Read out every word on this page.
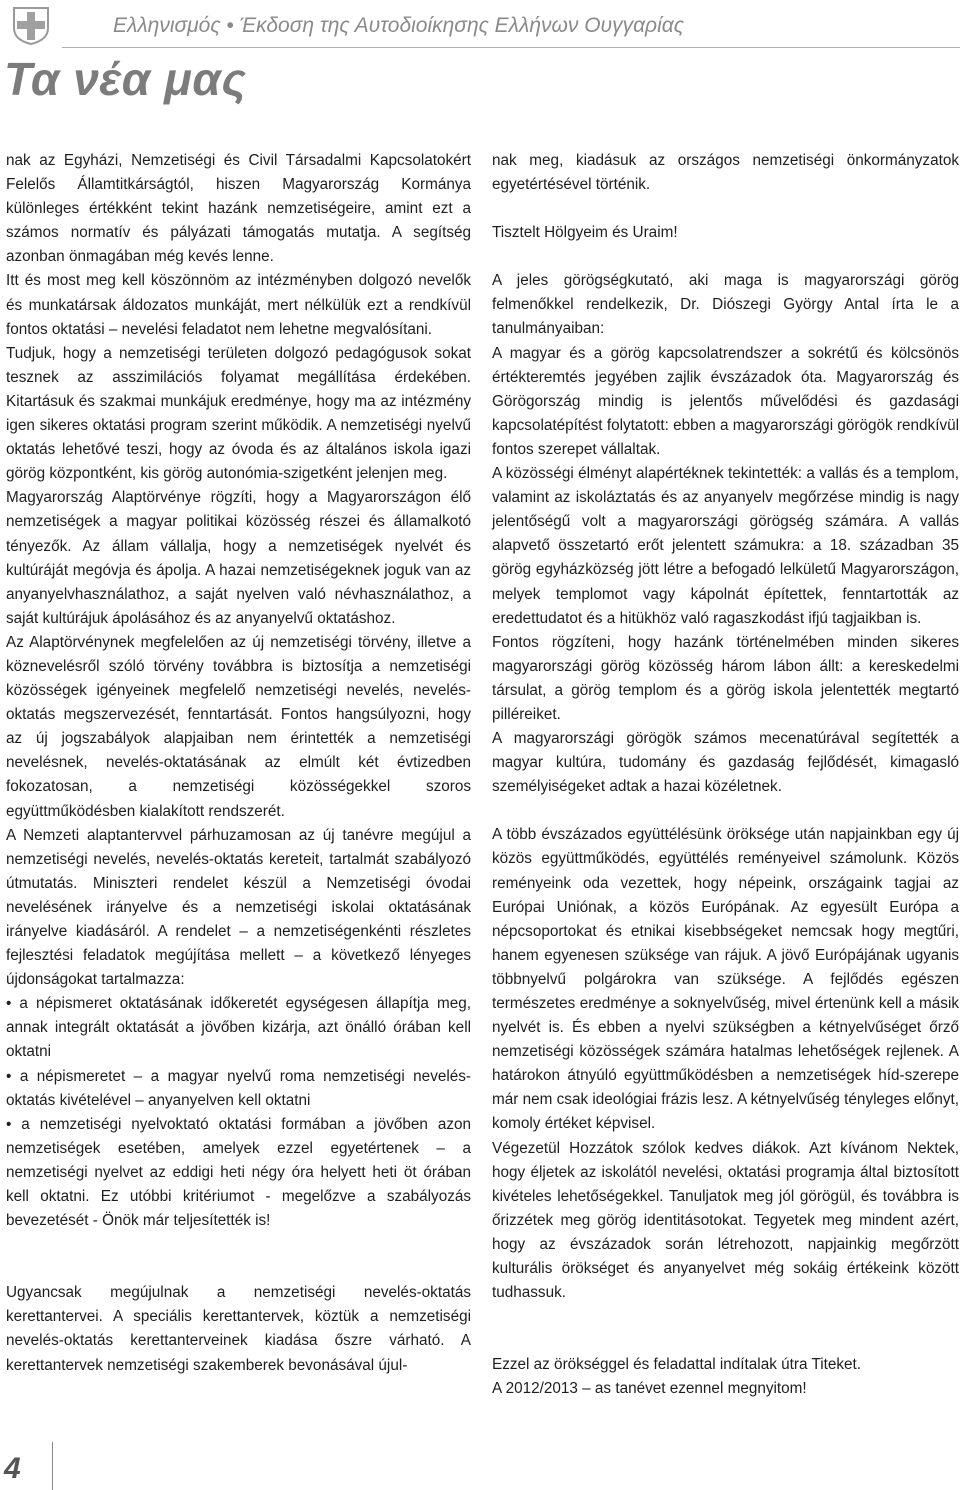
Ελληνισμός • Έκδοση της Αυτοδιοίκησης Ελλήνων Ουγγαρίας
Τα νέα μας

nak az Egyházi, Nemzetiségi és Civil Társadalmi Kapcsolatokért Felelős Államtitkárságtól, hiszen Magyarország Kormánya különleges értékként tekint hazánk nemzetiségeire, amint ezt a számos normatív és pályázati támogatás mutatja. A segítség azonban önmagában még kevés lenne.

Itt és most meg kell köszönnöm az intézményben dolgozó nevelők és munkatársak áldozatos munkáját, mert nélkülük ezt a rendkívül fontos oktatási – nevelési feladatot nem lehetne megvalósítani.

Tudjuk, hogy a nemzetiségi területen dolgozó pedagógusok sokat tesznek az asszimilációs folyamat megállítása érdekében. Kitartásuk és szakmai munkájuk eredménye, hogy ma az intézmény igen sikeres oktatási program szerint működik. A nemzetiségi nyelvű oktatás lehetővé teszi, hogy az óvoda és az általános iskola igazi görög központként, kis görög autonómia-szigetként jelenjen meg.

Magyarország Alaptörvénye rögzíti, hogy a Magyarországon élő nemzetiségek a magyar politikai közösség részei és államalkotó tényezők. Az állam vállalja, hogy a nemzetiségek nyelvét és kultúráját megóvja és ápolja. A hazai nemzetiségeknek joguk van az anyanyelvhasználathoz, a saját nyelven való névhasználathoz, a saját kultúrájuk ápolásához és az anyanyelvű oktatáshoz.

Az Alaptörvénynek megfelelően az új nemzetiségi törvény, illetve a köznevelésről szóló törvény továbbra is biztosítja a nemzetiségi közösségek igényeinek megfelelő nemzetiségi nevelés, nevelés-oktatás megszervezését, fenntartását. Fontos hangsúlyozni, hogy az új jogszabályok alapjaiban nem érintették a nemzetiségi nevelésnek, nevelés-oktatásának az elmúlt két évtizedben fokozatosan, a nemzetiségi közösségekkel szoros együttműködésben kialakított rendszerét.

A Nemzeti alaptantervvel párhuzamosan az új tanévre megújul a nemzetiségi nevelés, nevelés-oktatás kereteit, tartalmát szabályozó útmutatás. Miniszteri rendelet készül a Nemzetiségi óvodai nevelésének irányelve és a nemzetiségi iskolai oktatásának irányelve kiadásáról. A rendelet – a nemzetiségenkénti részletes fejlesztési feladatok megújítása mellett – a következő lényeges újdonságokat tartalmazza:

• a népismeret oktatásának időkeretét egységesen állapítja meg, annak integrált oktatását a jövőben kizárja, azt önálló órában kell oktatni

• a népismeretet – a magyar nyelvű roma nemzetiségi nevelés-oktatás kivételével – anyanyelven kell oktatni

• a nemzetiségi nyelvoktató oktatási formában a jövőben azon nemzetiségek esetében, amelyek ezzel egyetértenek – a nemzetiségi nyelvet az eddigi heti négy óra helyett heti öt órában kell oktatni. Ez utóbbi kritériumot - megelőzve a szabályozás bevezetését - Önök már teljesítették is!

Ugyancsak megújulnak a nemzetiségi nevelés-oktatás kerettantervei. A speciális kerettantervek, köztük a nemzetiségi nevelés-oktatás kerettanterveinek kiadása őszre várható. A kerettantervek nemzetiségi szakemberek bevonásával újul-

nak meg, kiadásuk az országos nemzetiségi önkormányzatok egyetértésével történik.

Tisztelt Hölgyeim és Uraim!

A jeles görögségkutató, aki maga is magyarországi görög felmenőkkel rendelkezik, Dr. Diószegi György Antal írta le a tanulmányaiban:

A magyar és a görög kapcsolatrendszer a sokrétű és kölcsönös értékteremtés jegyében zajlik évszázadok óta. Magyarország és Görögország mindig is jelentős művelődési és gazdasági kapcsolatépítést folytatott: ebben a magyarországi görögök rendkívül fontos szerepet vállaltak.

A közösségi élményt alapértéknek tekintették: a vallás és a templom, valamint az iskoláztatás és az anyanyelv megőrzése mindig is nagy jelentőségű volt a magyarországi görögség számára. A vallás alapvető összetartó erőt jelentett számukra: a 18. században 35 görög egyházközség jött létre a befogadó lelkületű Magyarországon, melyek templomot vagy kápolnát építettek, fenntartották az eredettudatot és a hitükhöz való ragaszkodást ifjú tagjaikban is.

Fontos rögzíteni, hogy hazánk történelmében minden sikeres magyarországi görög közösség három lábon állt: a kereskedelmi társulat, a görög templom és a görög iskola jelentették megtartó pilléreiket.

A magyarországi görögök számos mecenatúrával segítették a magyar kultúra, tudomány és gazdaság fejlődését, kimagasló személyiségeket adtak a hazai közéletnek.

A több évszázados együttélésünk öröksége után napjainkban egy új közös együttműködés, együttélés reményeivel számolunk. Közös reményeink oda vezettek, hogy népeink, országaink tagjai az Európai Uniónak, a közös Európának. Az egyesült Európa a népcsoportokat és etnikai kisebbségeket nemcsak hogy megtűri, hanem egyenesen szüksége van rájuk. A jövő Európájának ugyanis többnyelvű polgárokra van szüksége. A fejlődés egészen természetes eredménye a soknyelvűség, mivel értenünk kell a másik nyelvét is. És ebben a nyelvi szükségben a kétnyelvűséget őrző nemzetiségi közösségek számára hatalmas lehetőségek rejlenek. A határokon átnyúló együttműködésben a nemzetiségek híd-szerepe már nem csak ideológiai frázis lesz. A kétnyelvűség tényleges előnyt, komoly értéket képvisel.

Végezetül Hozzátok szólok kedves diákok. Azt kívánom Nektek, hogy éljetek az iskolától nevelési, oktatási programja által biztosított kivételes lehetőségekkel. Tanuljatok meg jól görögül, és továbbra is őrizzétek meg görög identitásotokat. Tegyetek meg mindent azért, hogy az évszázadok során létrehozott, napjainkig megőrzött kulturális örökséget és anyanyelvet még sokáig értékeink között tudhassuk.

Ezzel az örökséggel és feladattal indítalak útra Titeket.

A 2012/2013 – as tanévet ezennel megnyitom!

4
